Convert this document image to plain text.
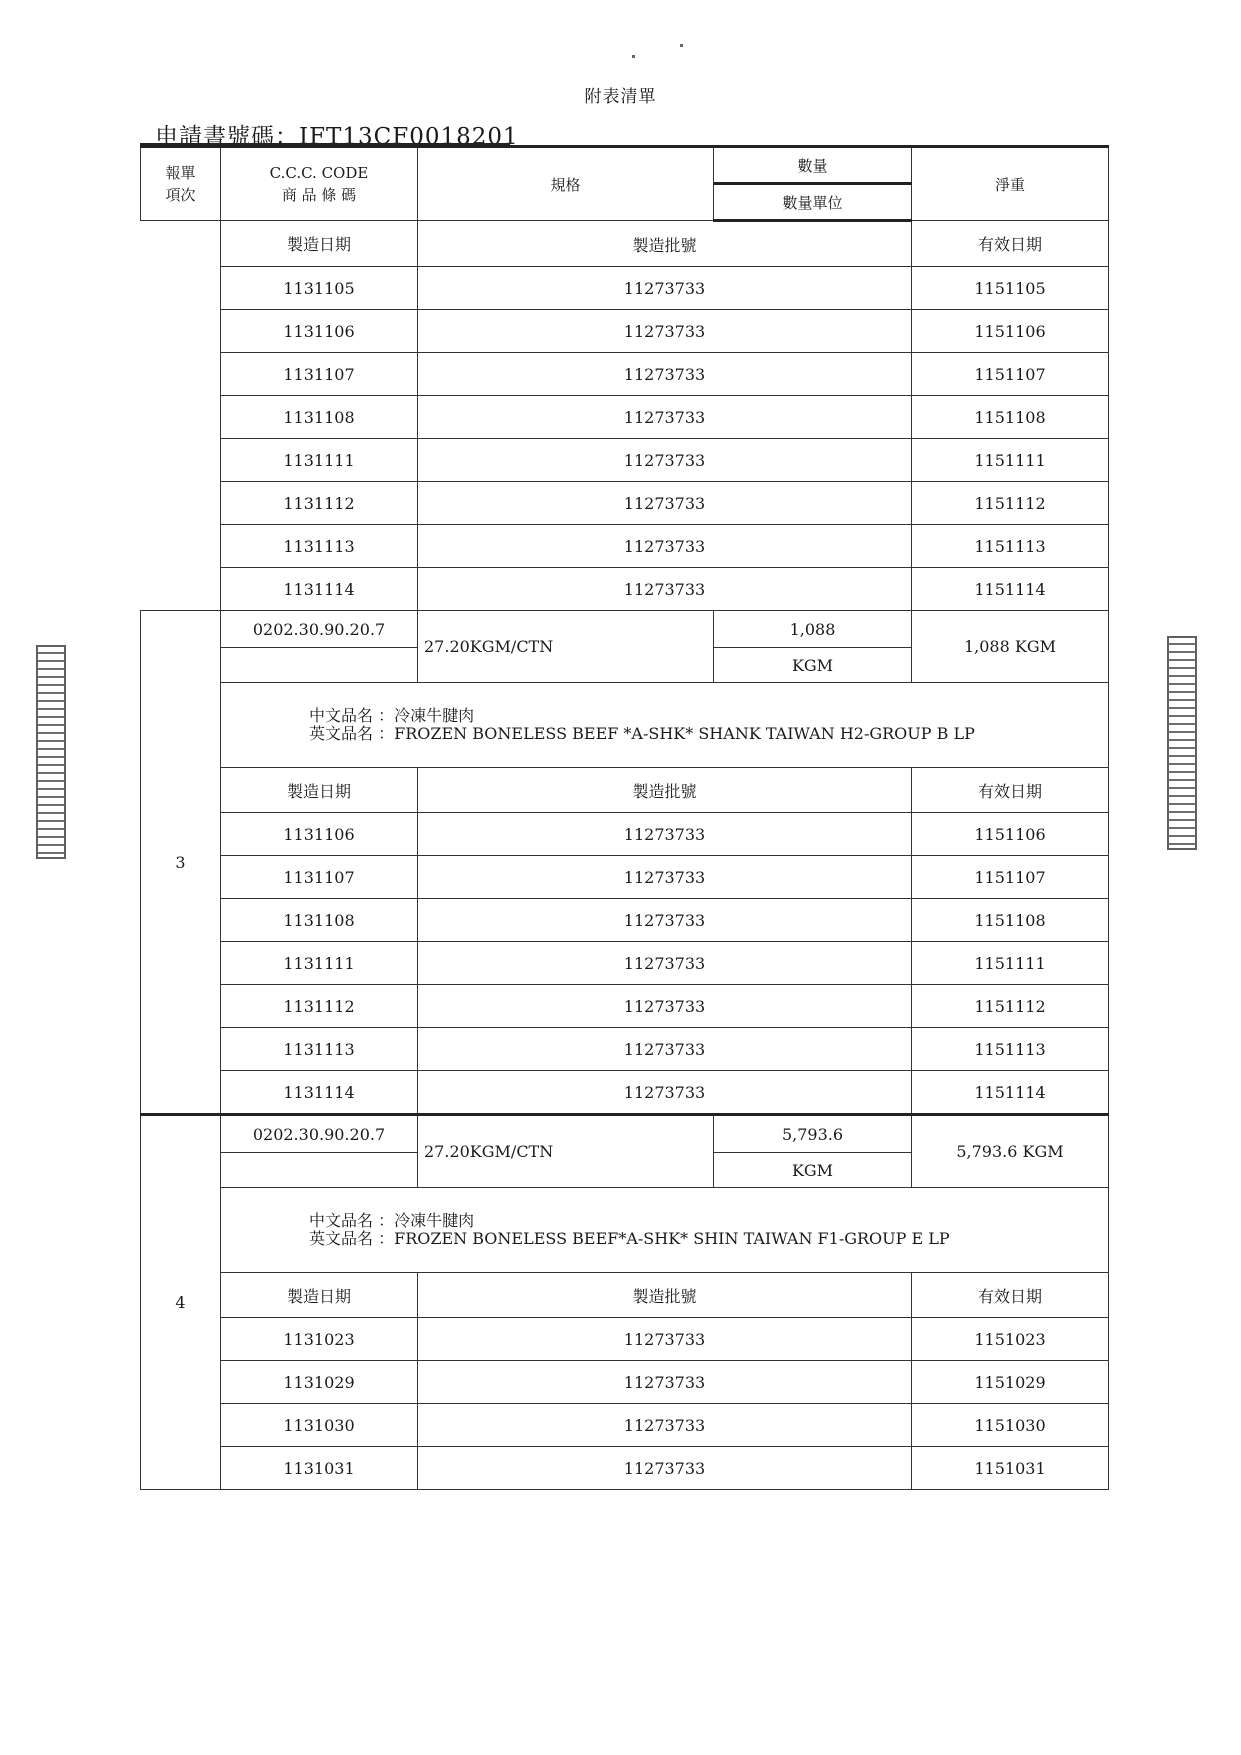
附表清單
申請書號碼：IFT13CF0018201
報單
項次	C.C.C. CODE
商 品 條 碼	規格	數量	淨重
			數量單位	
	製造日期	製造批號		有效日期
	1131105	11273733		1151105
	1131106	11273733		1151106
	1131107	11273733		1151107
	1131108	11273733		1151108
	1131111	11273733		1151111
	1131112	11273733		1151112
	1131113	11273733		1151113
	1131114	11273733		1151114
3	0202.30.90.20.7	27.20KGM/CTN	1,088	1,088 KGM
			KGM	

	中文品名 ：冷凍牛腱肉
英文品名 ：FROZEN BONELESS BEEF *A-SHK* SHANK TAIWAN H2-GROUP B LP			

	製造日期	製造批號		有效日期
	1131106	11273733		1151106
	1131107	11273733		1151107
	1131108	11273733		1151108
	1131111	11273733		1151111
	1131112	11273733		1151112
	1131113	11273733		1151113
	1131114	11273733		1151114
4	0202.30.90.20.7	27.20KGM/CTN	5,793.6	5,793.6 KGM
			KGM	

	中文品名 ：冷凍牛腱肉
英文品名 ：FROZEN BONELESS BEEF*A-SHK* SHIN TAIWAN F1-GROUP E LP			

	製造日期	製造批號		有效日期
	1131023	11273733		1151023
	1131029	11273733		1151029
	1131030	11273733		1151030
	1131031	11273733		1151031
